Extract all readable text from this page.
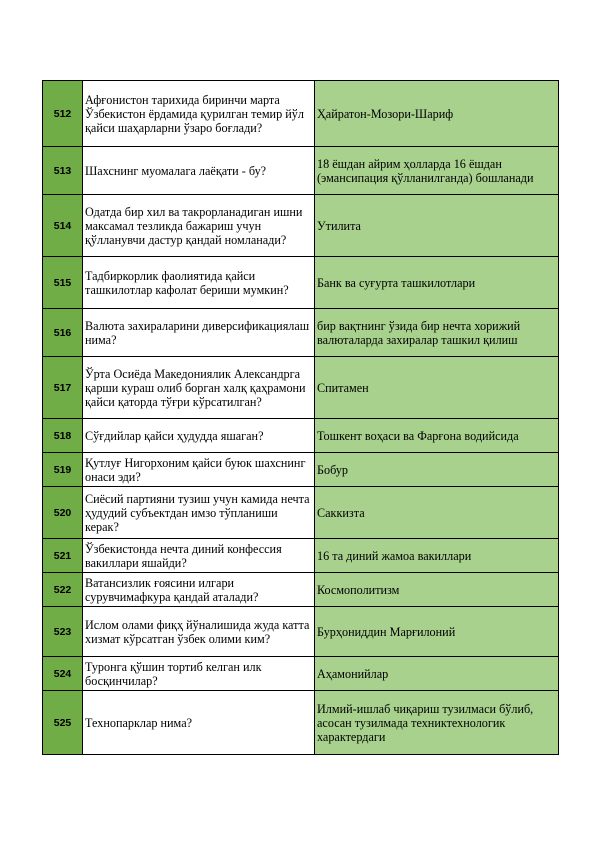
512	Афғонистон тарихида биринчи марта Ўзбекистон ёрдамида қурилган темир йўл қайси шаҳарларни ўзаро боғлади?	Ҳайратон-Мозори-Шариф
513	Шахснинг муомалага лаёқати - бу?	18 ёшдан айрим ҳолларда 16 ёшдан (эмансипация қўлланилганда) бошланади
514	Одатда бир хил ва такрорланадиган ишни максамал тезликда бажариш учун қўлланувчи дастур қандай номланади?	Утилита
515	Тадбиркорлик фаолиятида қайси ташкилотлар кафолат бериши мумкин?	Банк ва суғурта ташкилотлари
516	Валюта захираларини диверсификациялаш нима?	бир вақтнинг ўзида бир нечта хорижий валюталарда захиралар ташкил қилиш
517	Ўрта Осиёда Македониялик Александрга қарши кураш олиб борган халқ қаҳрамони қайси қаторда тўғри кўрсатилган?	Спитамен
518	Сўғдийлар қайси ҳудудда яшаган?	Тошкент воҳаси ва Фарғона водийсида
519	Қутлуғ Нигорхоним қайси буюк шахснинг онаси эди?	Бобур
520	Сиёсий партияни тузиш учун камида нечта ҳудудий субъектдан имзо тўпланиши керак?	Саккизта
521	Ўзбекистонда нечта диний конфессия вакиллари яшайди?	16 та диний жамоа вакиллари
522	Ватансизлик ғоясини илгари сурувчимафкура қандай аталади?	Космополитизм
523	Ислом олами фиқҳ йўналишида жуда катта хизмат кўрсатган ўзбек олими ким?	Бурҳониддин Марғилоний
524	Туронга қўшин тортиб келган илк босқинчилар?	Аҳамонийлар
525	Технопарклар нима?	Илмий-ишлаб чиқариш тузилмаси бўлиб, асосан тузилмада техниктехнологик характердаги
